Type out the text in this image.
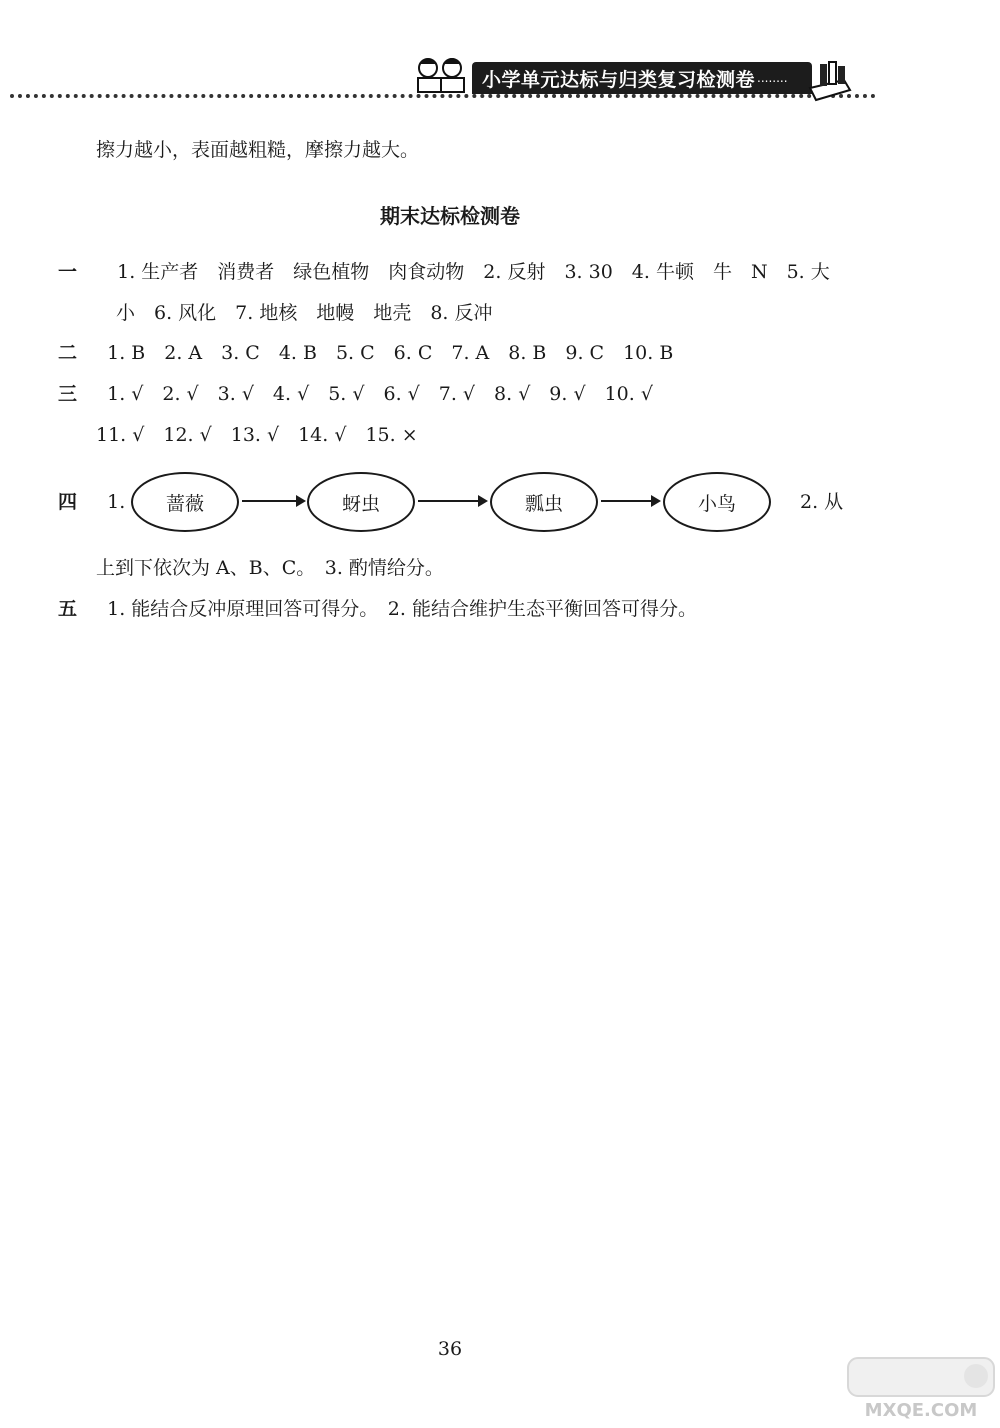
小学单元达标与归类复习检测卷 ........
擦力越小，表面越粗糙，摩擦力越大。
期末达标检测卷
一 1. 生产者　消费者　绿色植物　肉食动物　2. 反射　3. 30　4. 牛顿　牛　N　5. 大
小　6. 风化　7. 地核　地幔　地壳　8. 反冲
二 1. B　2. A　3. C　4. B　5. C　6. C　7. A　8. B　9. C　10. B
三 1. √　2. √　3. √　4. √　5. √　6. √　7. √　8. √　9. √　10. √
11. √　12. √　13. √　14. √　15. ×
四 1.	蔷薇	蚜虫	瓢虫	小鸟	2. 从
上到下依次为 A、B、C。　3. 酌情给分。
五 1. 能结合反冲原理回答可得分。　2. 能结合维护生态平衡回答可得分。
36
MXQE.COM
